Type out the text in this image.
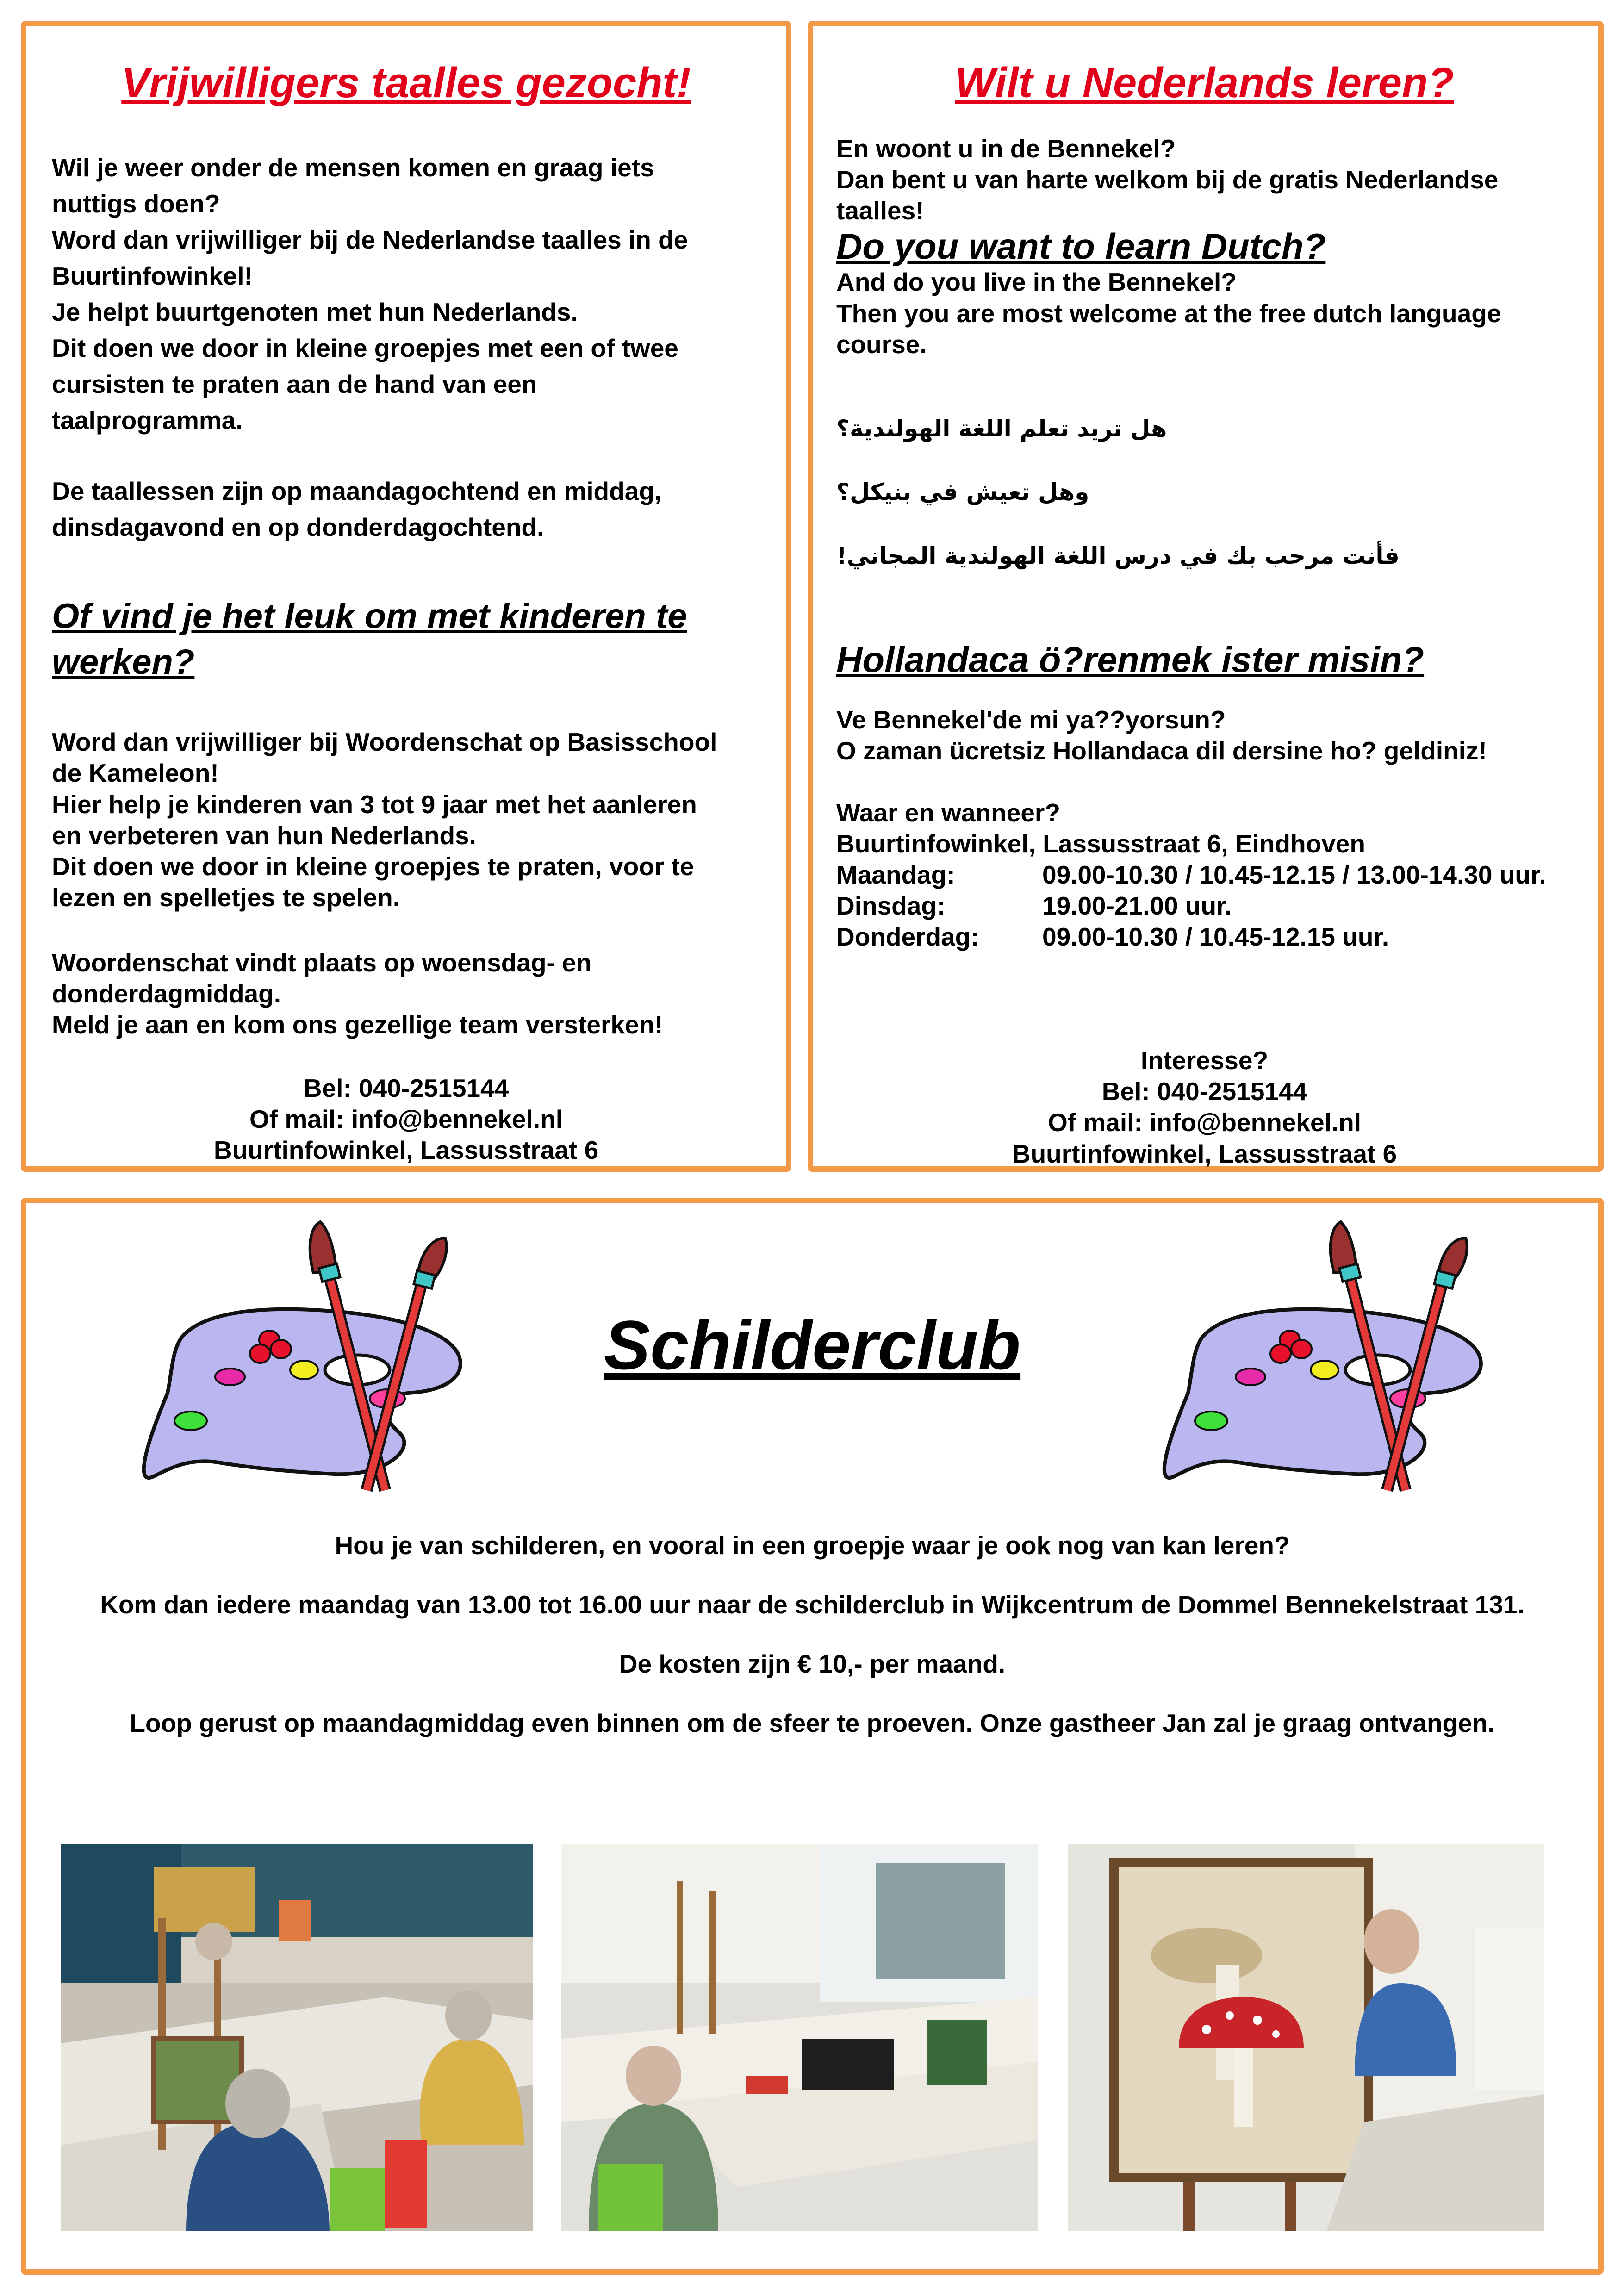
Vrijwilligers taalles gezocht!

Wil je weer onder de mensen komen en graag iets

nuttigs doen?

Word dan vrijwilliger bij de Nederlandse taalles in de

Buurtinfowinkel!

Je helpt buurtgenoten met hun Nederlands.

Dit doen we door in kleine groepjes met een of twee

cursisten te praten aan de hand van een

taalprogramma.

De taallessen zijn op maandagochtend en middag,

dinsdagavond en op donderdagochtend.

Of vind je het leuk om met kinderen te

werken?

Word dan vrijwilliger bij Woordenschat op Basisschool

de Kameleon!

Hier help je kinderen van 3 tot 9 jaar met het aanleren

en verbeteren van hun Nederlands.

Dit doen we door in kleine groepjes te praten, voor te

lezen en spelletjes te spelen.

Woordenschat vindt plaats op woensdag- en

donderdagmiddag.

Meld je aan en kom ons gezellige team versterken!

Bel: 040-2515144

Of mail: info@bennekel.nl

Buurtinfowinkel, Lassusstraat 6

Wilt u Nederlands leren?

En woont u in de Bennekel?

Dan bent u van harte welkom bij de gratis Nederlandse

taalles!

Do you want to learn Dutch?

And do you live in the Bennekel?

Then you are most welcome at the free dutch language

course.

هل تريد تعلم اللغة الهولندية؟

وهل تعيش في بنيكل؟

فأنت مرحب بك في درس اللغة الهولندية المجاني!

Hollandaca ö?renmek ister misin?

Ve Bennekel'de mi ya??yorsun?

O zaman ücretsiz Hollandaca dil dersine ho? geldiniz!

Waar en wanneer?

Buurtinfowinkel, Lassusstraat 6, Eindhoven

Maandag:	09.00-10.30 / 10.45-12.15 / 13.00-14.30 uur.
Dinsdag:	19.00-21.00 uur.
Donderdag:	09.00-10.30 / 10.45-12.15 uur.

Interesse?

Bel: 040-2515144

Of mail: info@bennekel.nl

Buurtinfowinkel, Lassusstraat 6

Schilderclub

Hou je van schilderen, en vooral in een groepje waar je ook nog van kan leren?

Kom dan iedere maandag van 13.00 tot 16.00 uur naar de schilderclub in Wijkcentrum de Dommel Bennekelstraat 131.

De kosten zijn € 10,- per maand.

Loop gerust op maandagmiddag even binnen om de sfeer te proeven. Onze gastheer Jan zal je graag ontvangen.
